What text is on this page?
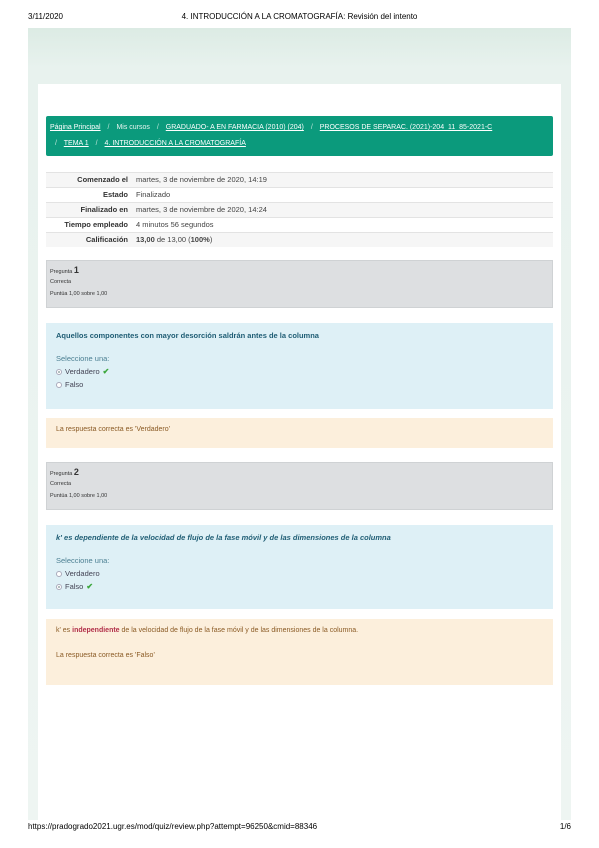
3/11/2020	4. INTRODUCCIÓN A LA CROMATOGRAFÍA: Revisión del intento
Página Principal / Mis cursos / GRADUADO- A EN FARMACIA (2010) (204) / PROCESOS DE SEPARAC. (2021)-204_11_85-2021-C
/ TEMA 1 / 4. INTRODUCCIÓN A LA CROMATOGRAFÍA
Comenzado el	martes, 3 de noviembre de 2020, 14:19
Estado	Finalizado
Finalizado en	martes, 3 de noviembre de 2020, 14:24
Tiempo empleado	4 minutos 56 segundos
Calificación	13,00 de 13,00 (100%)
Pregunta 1
Correcta
Puntúa 1,00 sobre 1,00
Aquellos componentes con mayor desorción saldrán antes de la columna
Seleccione una:
Verdadero ✔
Falso
La respuesta correcta es 'Verdadero'
Pregunta 2
Correcta
Puntúa 1,00 sobre 1,00
k' es dependiente de la velocidad de flujo de la fase móvil y de las dimensiones de la columna
Seleccione una:
Verdadero
Falso ✔
k' es independiente de la velocidad de flujo de la fase móvil y de las dimensiones de la columna.
La respuesta correcta es 'Falso'
https://pradogrado2021.ugr.es/mod/quiz/review.php?attempt=96250&cmid=88346	1/6
